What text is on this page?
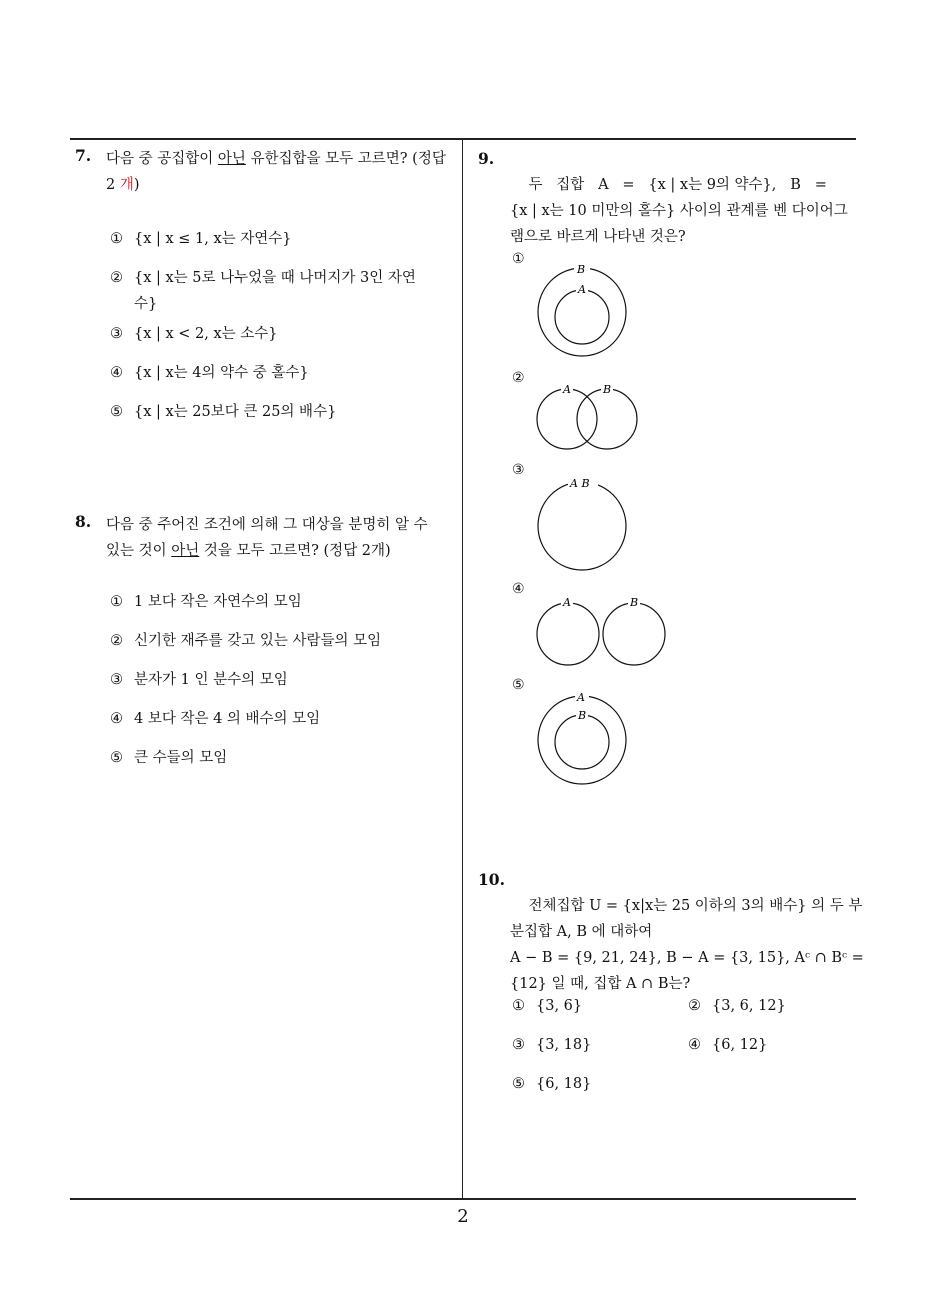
7. 다음 중 공집합이 아닌 유한집합을 모두 고르면? (정답
2 개)
① {x | x ≤ 1, x는 자연수}
② {x | x는 5로 나누었을 때 나머지가 3인 자연
수}
③ {x | x < 2, x는 소수}
④ {x | x는 4의 약수 중 홀수}
⑤ {x | x는 25보다 큰 25의 배수}
8. 다음 중 주어진 조건에 의해 그 대상을 분명히 알 수
있는 것이 아닌 것을 모두 고르면? (정답 2개)
① 1 보다 작은 자연수의 모임
② 신기한 재주를 갖고 있는 사람들의 모임
③ 분자가 1 인 분수의 모임
④ 4 보다 작은 4 의 배수의 모임
⑤ 큰 수들의 모임
9.

두   집합   A   =   {x | x는 9의 약수},   B   =
{x | x는 10 미만의 홀수} 사이의 관계를 벤 다이어그
램으로 바르게 나타낸 것은?

①
B
A
②
A	B
③
A B
④
A	B
⑤
A
B
10.

전체집합 U = {x|x는 25 이하의 3의 배수} 의 두 부
분집합 A, B 에 대하여
A − B = {9, 21, 24}, B − A = {3, 15}, Aᶜ ∩ Bᶜ =
{12} 일 때, 집합 A ∩ B는?

① {3, 6}	② {3, 6, 12}
③ {3, 18}	④ {6, 12}
⑤ {6, 18}
2
